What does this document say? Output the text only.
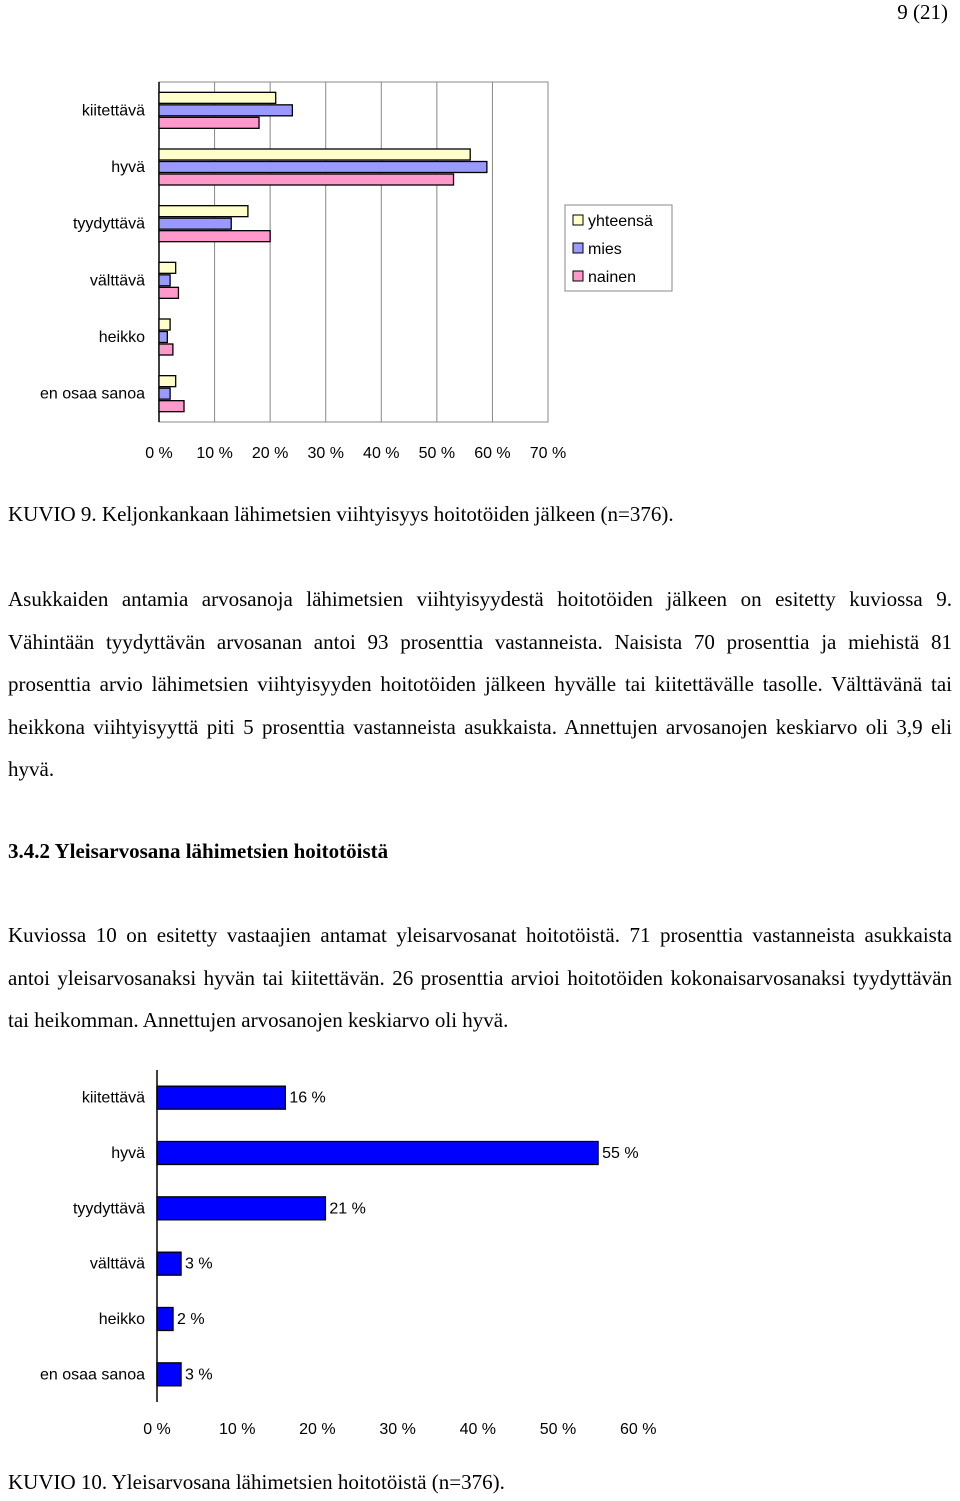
9 (21)
0 % 10 % 20 % 30 % 40 % 50 % 60 % 70 %
kiitettävä
hyvä
tyydyttävä
välttävä
heikko
en osaa sanoa
yhteensä
mies
nainen
KUVIO 9. Keljonkankaan lähimetsien viihtyisyys hoitotöiden jälkeen (n=376).

Asukkaiden antamia arvosanoja lähimetsien viihtyisyydestä hoitotöiden jälkeen on esitetty kuviossa 9. Vähintään tyydyttävän arvosanan antoi 93 prosenttia vastanneista. Naisista 70 prosenttia ja miehistä 81 prosenttia arvio lähimetsien viihtyisyyden hoitotöiden jälkeen hyvälle tai kiitettävälle tasolle. Välttävänä tai heikkona viihtyisyyttä piti 5 prosenttia vastanneista asukkaista. Annettujen arvosanojen keskiarvo oli 3,9 eli hyvä.

3.4.2 Yleisarvosana lähimetsien hoitotöistä

Kuviossa 10 on esitetty vastaajien antamat yleisarvosanat hoitotöistä. 71 prosenttia vastanneista asukkaista antoi yleisarvosanaksi hyvän tai kiitettävän. 26 prosenttia arvioi hoitotöiden kokonaisarvosanaksi tyydyttävän tai heikomman. Annettujen arvosanojen keskiarvo oli hyvä.

0 %	10 %	20 %	30 %	40 %	50 %	60 %
kiitettävä	16 %
hyvä	55 %
tyydyttävä	21 %
välttävä	3 %
heikko 2 %
en osaa sanoa	3 %
KUVIO 10. Yleisarvosana lähimetsien hoitotöistä (n=376).
